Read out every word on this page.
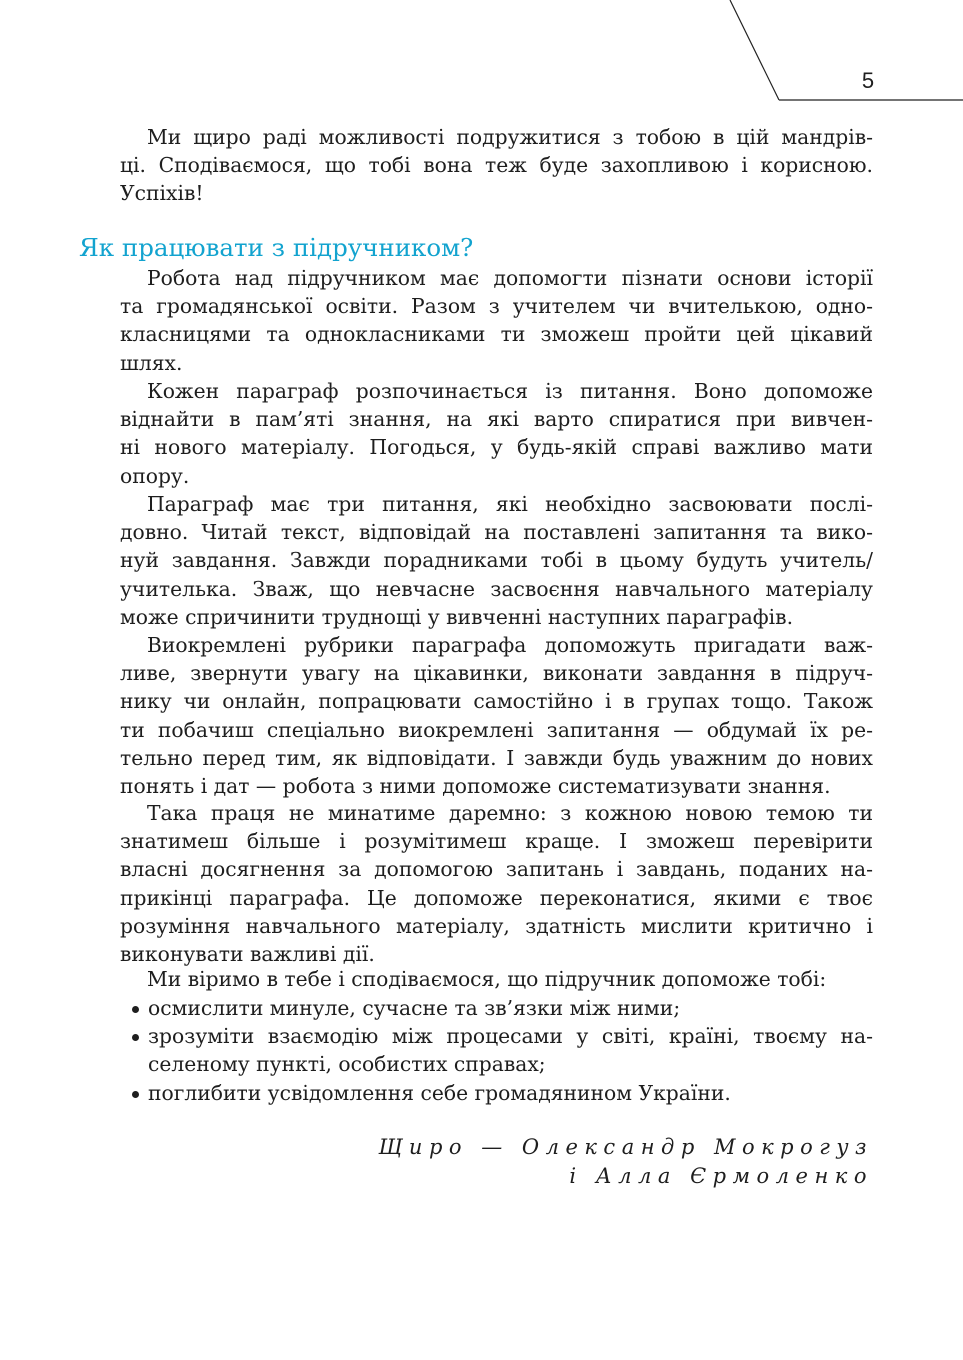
5
Ми щиро раді можливості подружитися з тобою в цій мандрів-
ці. Сподіваємося, що тобі вона теж буде захопливою і корисною.
Успіхів!
Як працювати з підручником?
Робота над підручником має допомогти пізнати основи історії
та громадянської освіти. Разом з учителем чи вчителькою, одно-
класницями та однокласниками ти зможеш пройти цей цікавий
шлях.
Кожен параграф розпочинається із питання. Воно допоможе
віднайти в пам’яті знання, на які варто спиратися при вивчен-
ні нового матеріалу. Погодься, у будь-якій справі важливо мати
опору.
Параграф має три питання, які необхідно засвоювати послі-
довно. Читай текст, відповідай на поставлені запитання та вико-
нуй завдання. Завжди порадниками тобі в цьому будуть учитель/
учителька. Зваж, що невчасне засвоєння навчального матеріалу
може спричинити труднощі у вивченні наступних параграфів.
Виокремлені рубрики параграфа допоможуть пригадати важ-
ливе, звернути увагу на цікавинки, виконати завдання в підруч-
нику чи онлайн, попрацювати самостійно і в групах тощо. Також
ти побачиш спеціально виокремлені запитання — обдумай їх ре-
тельно перед тим, як відповідати. І завжди будь уважним до нових
понять і дат — робота з ними допоможе систематизувати знання.
Така праця не минатиме даремно: з кожною новою темою ти
знатимеш більше і розумітимеш краще. І зможеш перевірити
власні досягнення за допомогою запитань і завдань, поданих на-
прикінці параграфа. Це допоможе переконатися, якими є твоє
розуміння навчального матеріалу, здатність мислити критично і
виконувати важливі дії.
Ми віримо в тебе і сподіваємося, що підручник допоможе тобі:
осмислити минуле, сучасне та зв’язки між ними;
зрозуміти взаємодію між процесами у світі, країні, твоєму на-
селеному пункті, особистих справах;
поглибити усвідомлення себе громадянином України.

Щиро — Олександр Мокрогуз

і Алла Єрмоленко
